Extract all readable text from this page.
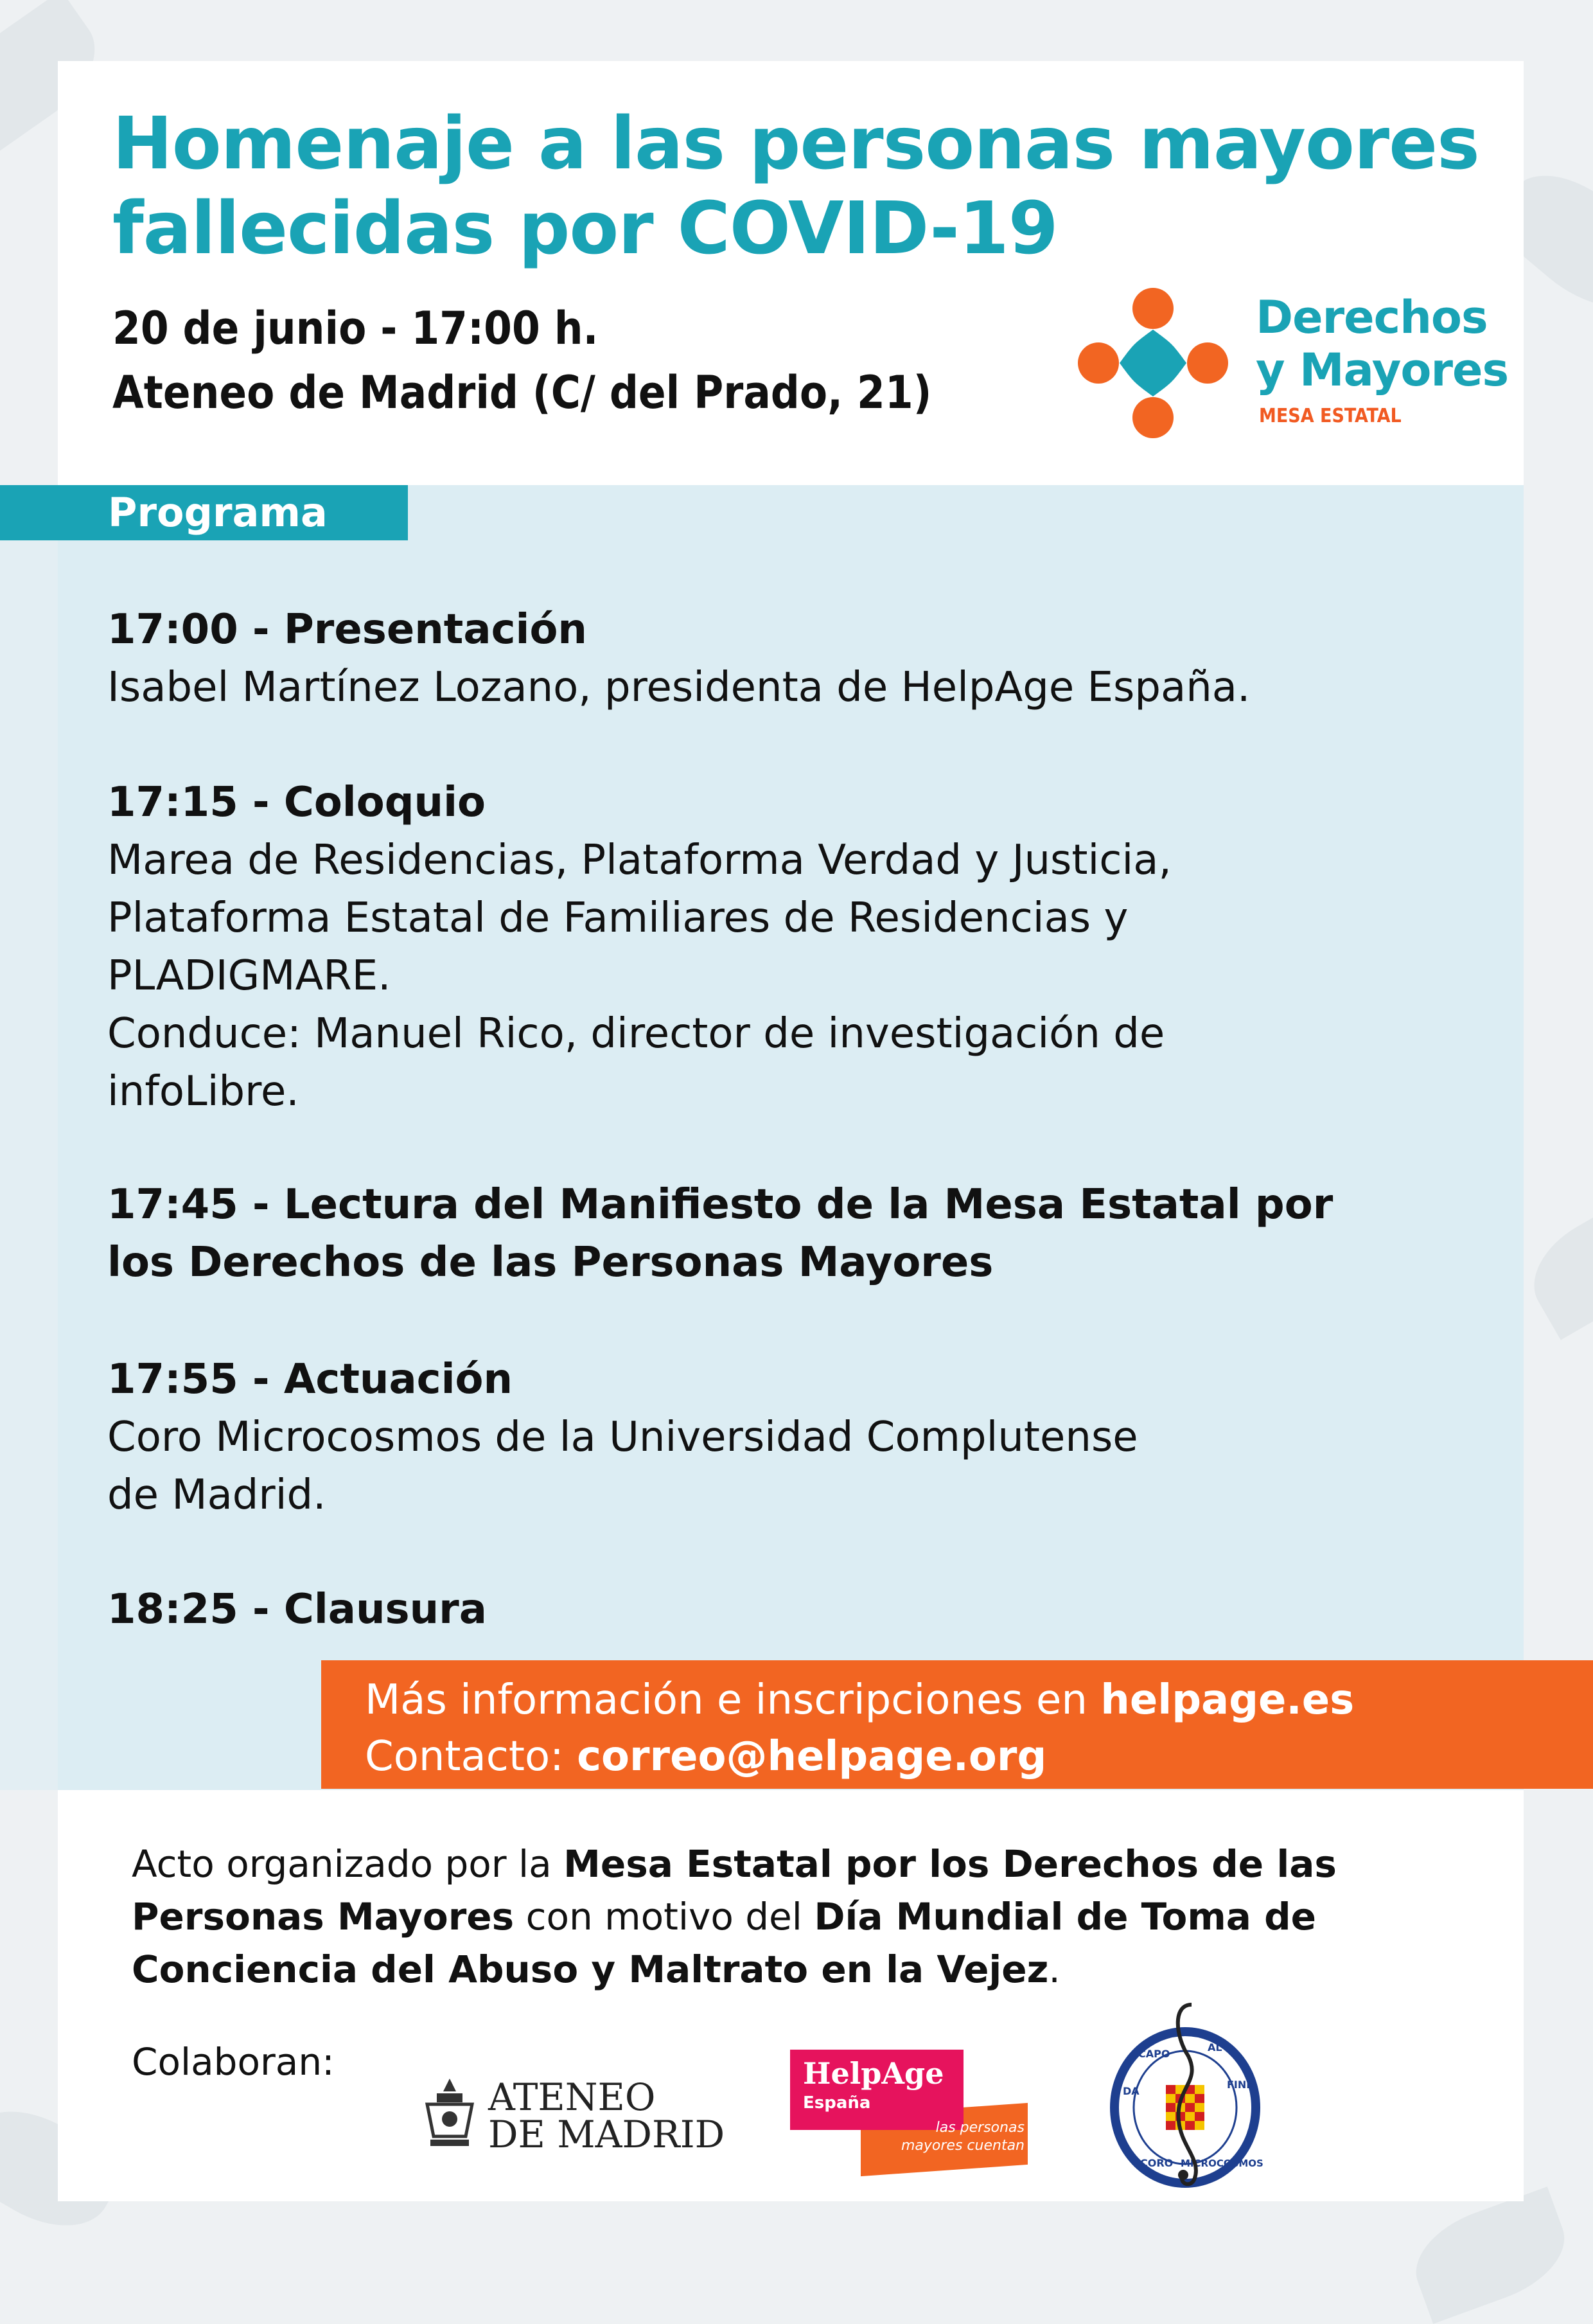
Homenaje a las personas mayores
fallecidas por COVID-19
20 de junio - 17:00 h.
Ateneo de Madrid (C/ del Prado, 21)
Derechos
y Mayores
MESA ESTATAL
Programa
17:00 - Presentación
Isabel Martínez Lozano, presidenta de HelpAge España.
17:15 - Coloquio
Marea de Residencias, Plataforma Verdad y Justicia,
Plataforma Estatal de Familiares de Residencias y
PLADIGMARE.
Conduce: Manuel Rico, director de investigación de
infoLibre.
17:45 - Lectura del Manifiesto de la Mesa Estatal por
los Derechos de las Personas Mayores
17:55 - Actuación
Coro Microcosmos de la Universidad Complutense
de Madrid.
18:25 - Clausura
Más información e inscripciones en helpage.es
Contacto: correo@helpage.org
Acto organizado por la Mesa Estatal por los Derechos de las Personas Mayores con motivo del Día Mundial de Toma de Conciencia del Abuso y Maltrato en la Vejez.
Colaboran:
ATENEO
DE MADRID
HelpAge
España
las personas
mayores cuentan
DA
CAPO
AL
FINE
CORO MICROCOSMOS
